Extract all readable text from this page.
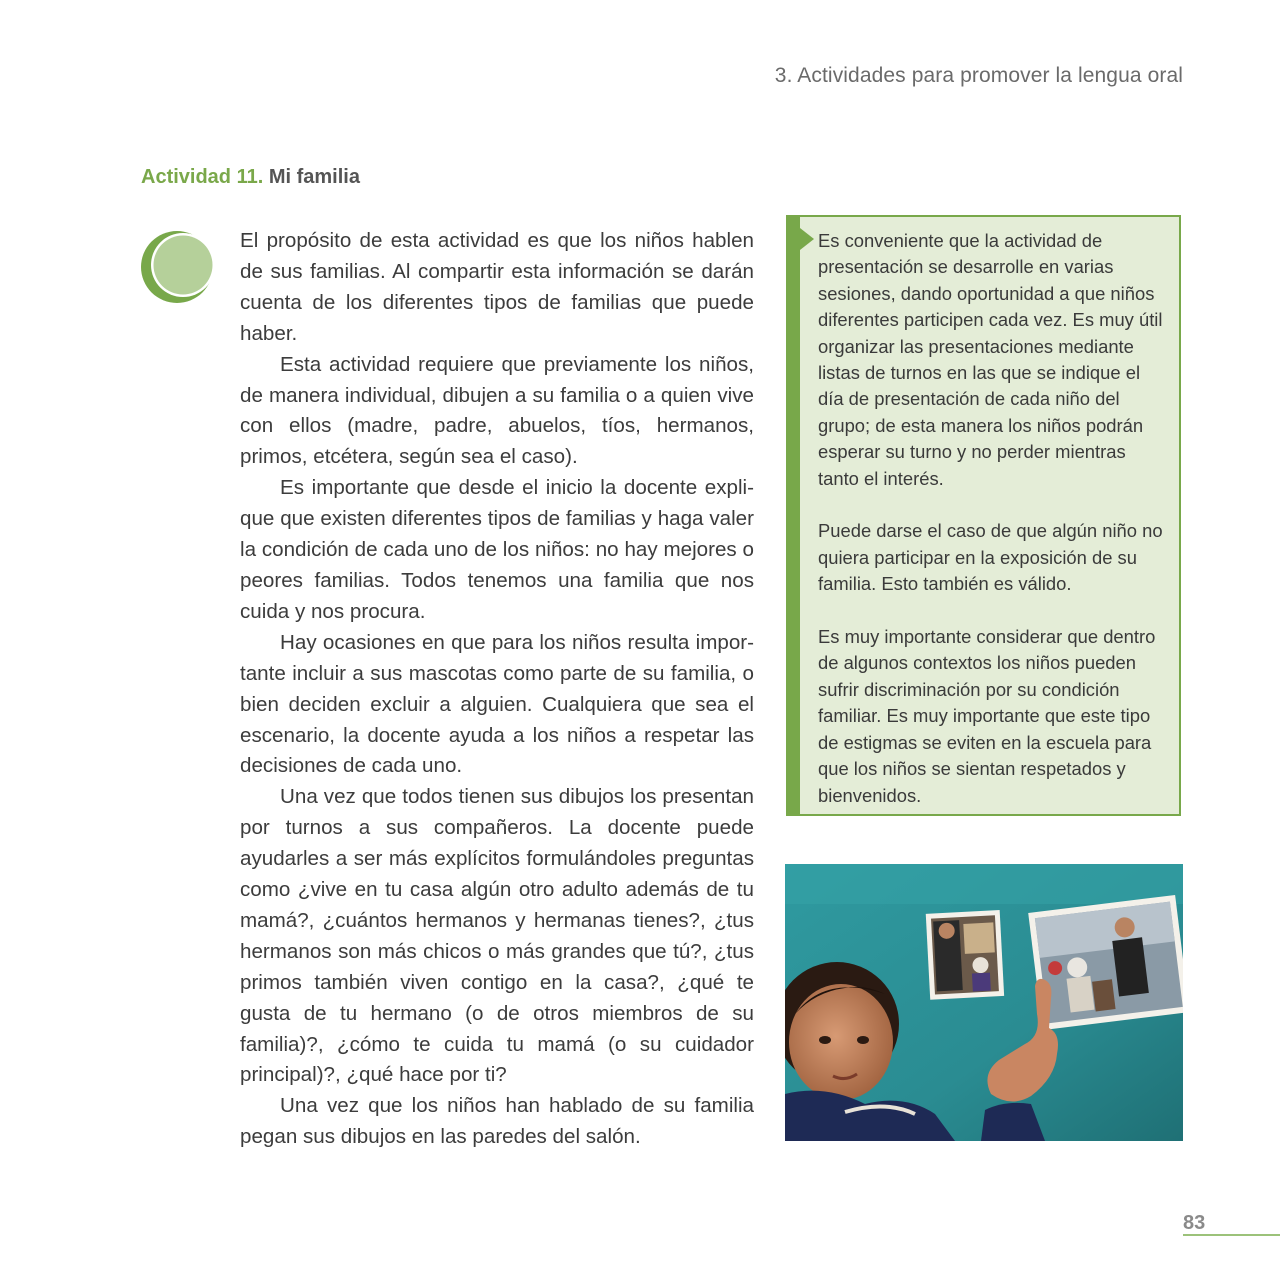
3. Actividades para promover la lengua oral
Actividad 11. Mi familia

El propósito de esta actividad es que los niños hablen de sus familias. Al compartir esta información se darán cuenta de los diferentes tipos de familias que puede haber.

Esta actividad requiere que previamente los niños, de manera individual, dibujen a su familia o a quien vive con ellos (madre, padre, abuelos, tíos, hermanos, primos, etcétera, según sea el caso).

Es importante que desde el inicio la docente explique que existen diferentes tipos de familias y haga valer la condición de cada uno de los niños: no hay mejores o peores familias. Todos tenemos una familia que nos cuida y nos procura.

Hay ocasiones en que para los niños resulta importante incluir a sus mascotas como parte de su familia, o bien deciden excluir a alguien. Cualquiera que sea el escenario, la docente ayuda a los niños a respetar las decisiones de cada uno.

Una vez que todos tienen sus dibujos los presentan por turnos a sus compañeros. La docente puede ayudarles a ser más explícitos formulándoles preguntas como ¿vive en tu casa algún otro adulto además de tu mamá?, ¿cuántos hermanos y hermanas tienes?, ¿tus hermanos son más chicos o más grandes que tú?, ¿tus primos también viven contigo en la casa?, ¿qué te gusta de tu hermano (o de otros miembros de su familia)?, ¿cómo te cuida tu mamá (o su cuidador principal)?, ¿qué hace por ti?

Una vez que los niños han hablado de su familia pegan sus dibujos en las paredes del salón.

Es conveniente que la actividad de presentación se desarrolle en varias sesiones, dando oportunidad a que niños diferentes participen cada vez. Es muy útil organizar las presentaciones mediante listas de turnos en las que se indique el día de presentación de cada niño del grupo; de esta manera los niños podrán esperar su turno y no perder mientras tanto el interés.

Puede darse el caso de que algún niño no quiera participar en la exposición de su familia. Esto también es válido.

Es muy importante considerar que dentro de algunos contextos los niños pueden sufrir discriminación por su condición familiar. Es muy importante que este tipo de estigmas se eviten en la escuela para que los niños se sientan respetados y bienvenidos.

83
